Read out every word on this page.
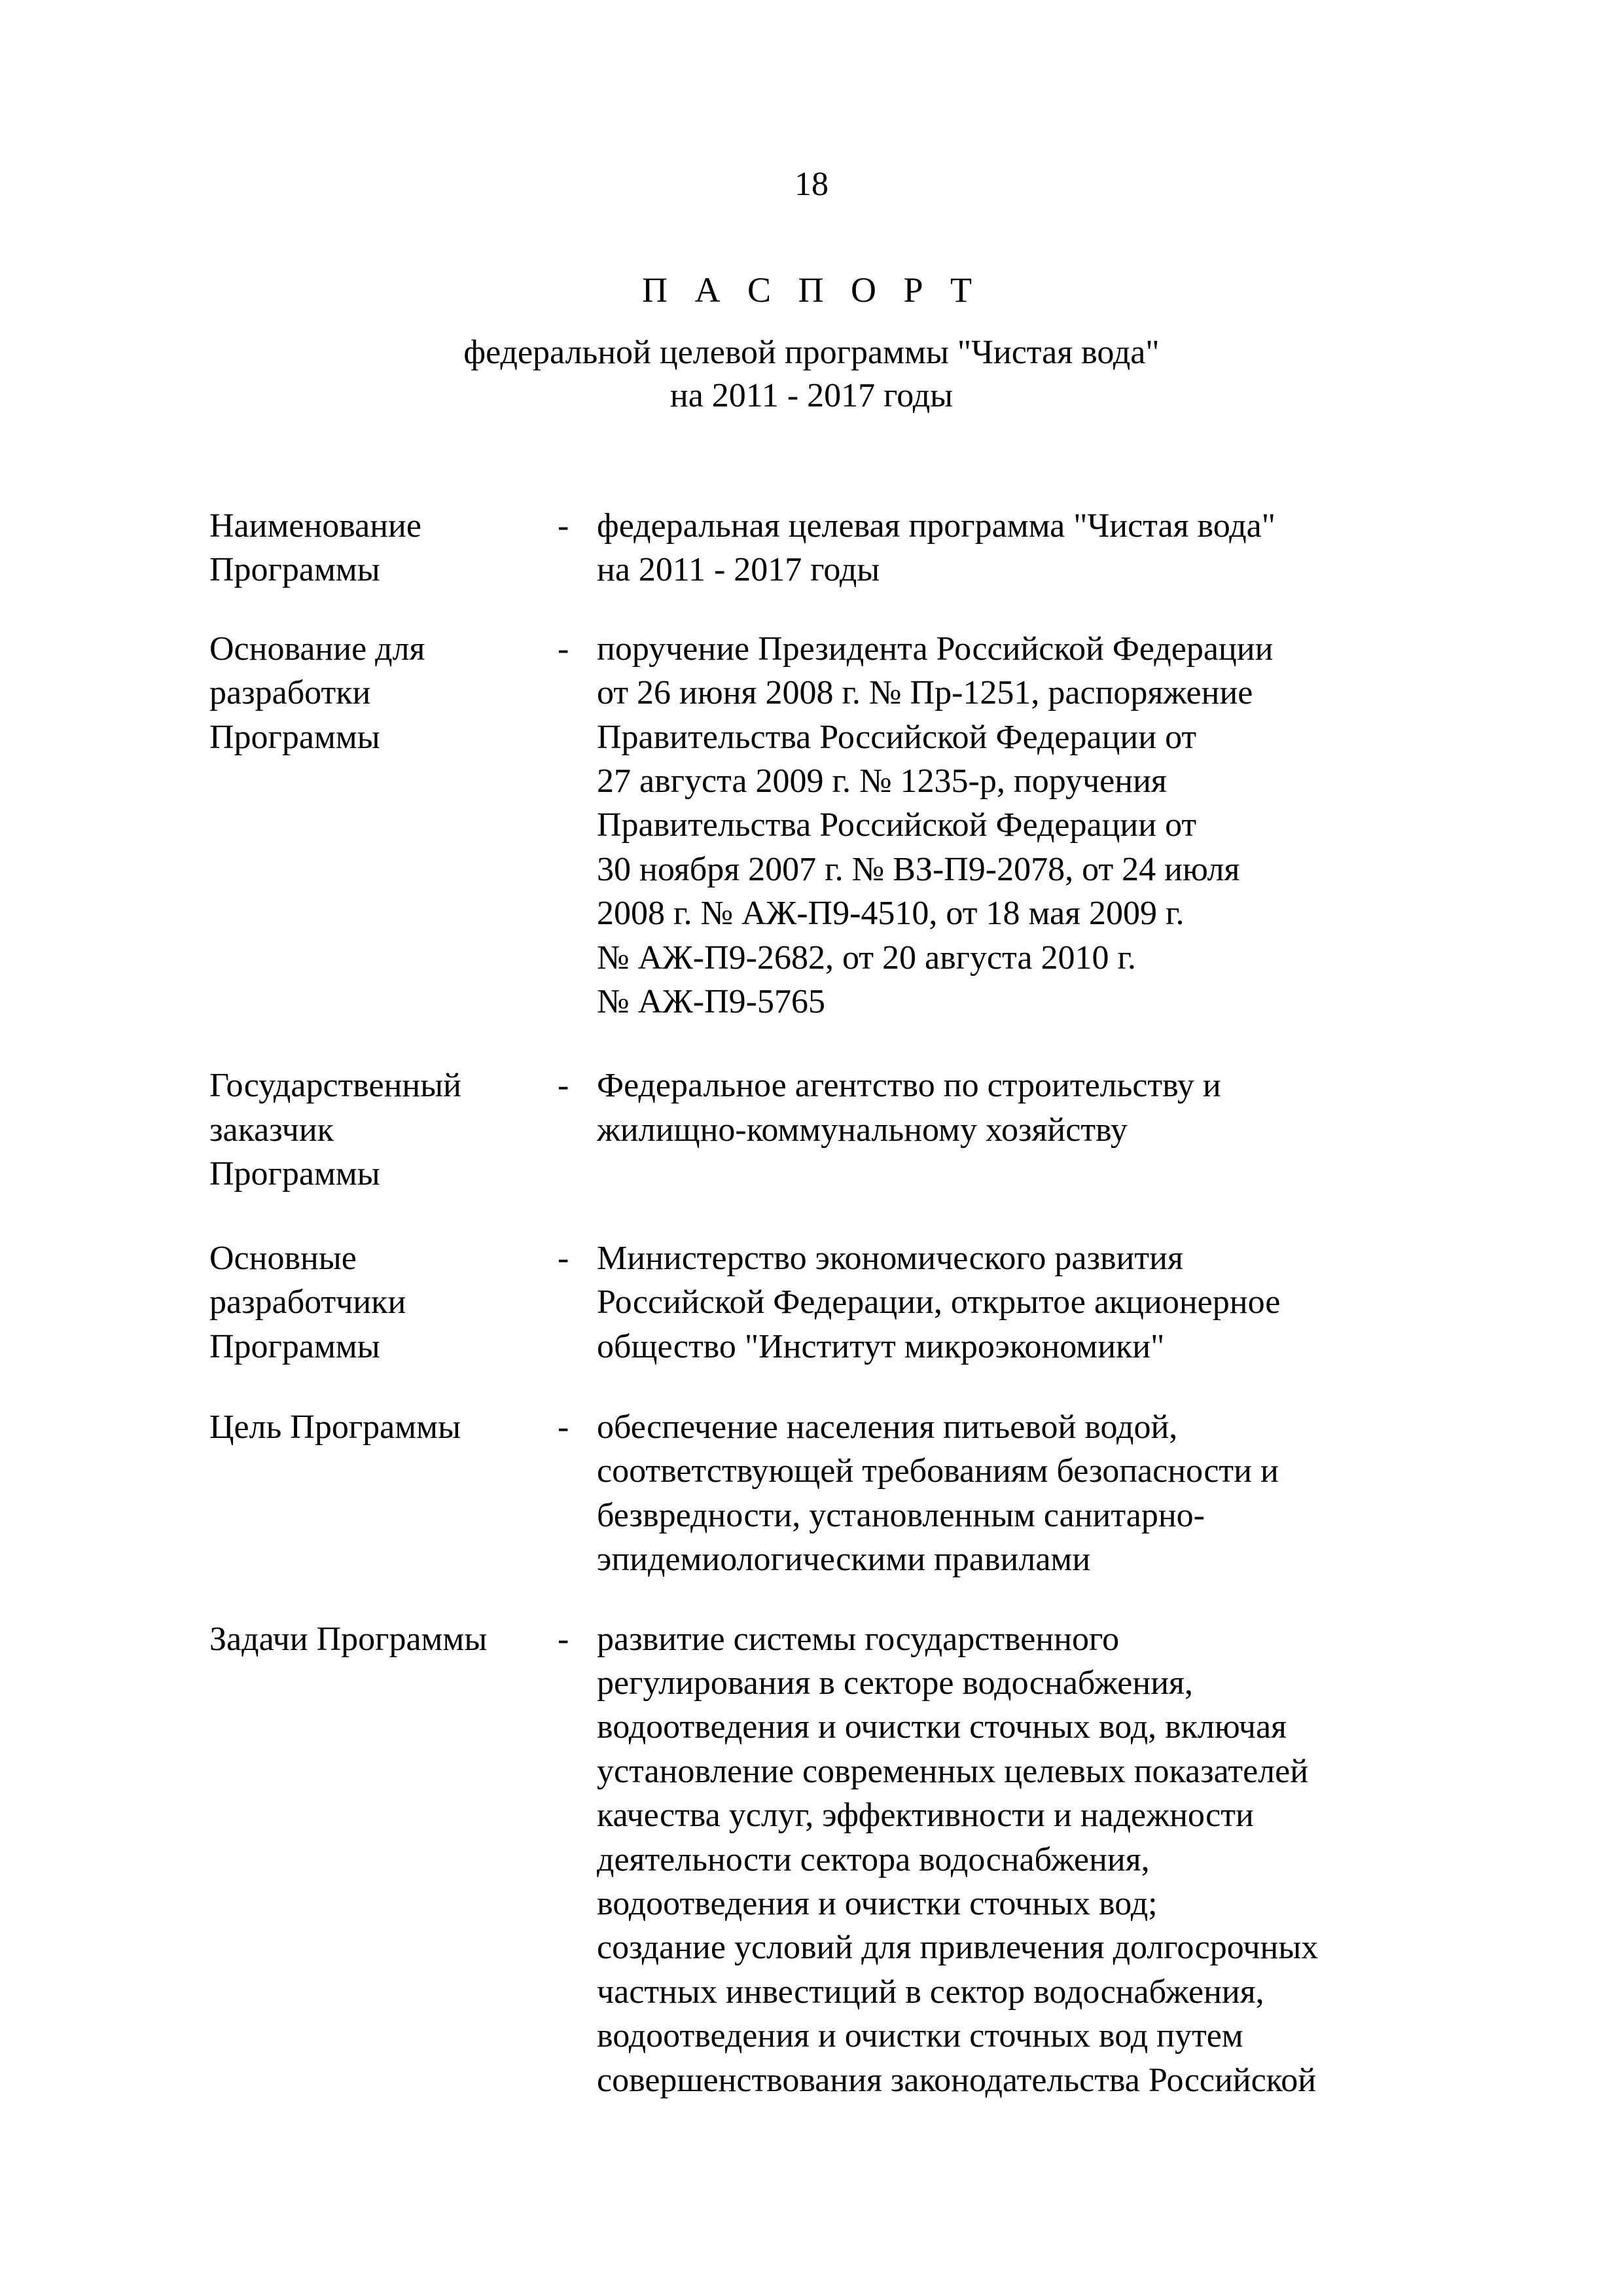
18
П А С П О Р Т
федеральной целевой программы "Чистая вода"
на 2011 - 2017 годы
Наименование
Программы
- федеральная целевая программа "Чистая вода"
на 2011 - 2017 годы
Основание для
разработки
Программы
- поручение Президента Российской Федерации
от 26 июня 2008 г. № Пр-1251, распоряжение
Правительства Российской Федерации от
27 августа 2009 г. № 1235-р, поручения
Правительства Российской Федерации от
30 ноября 2007 г. № ВЗ-П9-2078, от 24 июля
2008 г. № АЖ-П9-4510, от 18 мая 2009 г.
№ АЖ-П9-2682, от 20 августа 2010 г.
№ АЖ-П9-5765
Государственный
заказчик
Программы
- Федеральное агентство по строительству и
жилищно-коммунальному хозяйству
Основные
разработчики
Программы
- Министерство экономического развития
Российской Федерации, открытое акционерное
общество "Институт микроэкономики"
Цель Программы	- обеспечение населения питьевой водой,
соответствующей требованиям безопасности и
безвредности, установленным санитарно-
эпидемиологическими правилами
Задачи Программы	- развитие системы государственного
регулирования в секторе водоснабжения,
водоотведения и очистки сточных вод, включая
установление современных целевых показателей
качества услуг, эффективности и надежности
деятельности сектора водоснабжения,
водоотведения и очистки сточных вод;
создание условий для привлечения долгосрочных
частных инвестиций в сектор водоснабжения,
водоотведения и очистки сточных вод путем
совершенствования законодательства Российской
